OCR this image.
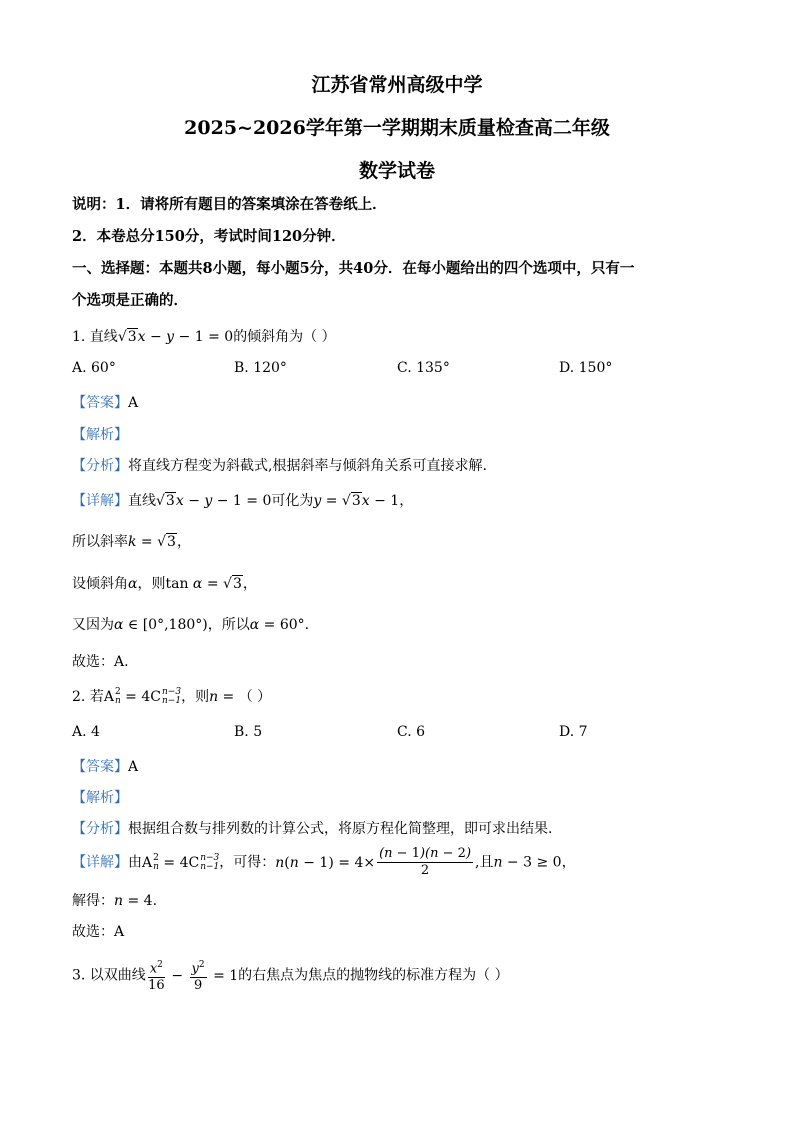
江苏省常州高级中学
2025~2026学年第一学期期末质量检查高二年级
数学试卷
说明：1．请将所有题目的答案填涂在答卷纸上．
2．本卷总分150分，考试时间120分钟．
一、选择题：本题共8小题，每小题5分，共40分．在每小题给出的四个选项中，只有一
个选项是正确的．
1. 直线√3x − y − 1 = 0的倾斜角为（ ）
A. 60°	B. 120°	C. 135°	D. 150°
【答案】A
【解析】
【分析】将直线方程变为斜截式,根据斜率与倾斜角关系可直接求解.
【详解】直线√3x − y − 1 = 0可化为y = √3x − 1，
所以斜率k = √3，
设倾斜角α，则tan α = √3，
又因为α ∈ [0°,180°)，所以α = 60°.
故选：A.
2. 若A 2
n = 4C n−3
n−1 ，则n = （ ）
A. 4	B. 5	C. 6	D. 7
【答案】A
【解析】
【分析】根据组合数与排列数的计算公式，将原方程化简整理，即可求出结果.
【详解】由A 2
n = 4C n−3
n−1 ，可得：$n(n - 1) = 4\times \frac{(n - 1)(n - 2)}{2}$ ,且n − 3 ≥ 0，
解得：n = 4.
故选：A
3. 以双曲线 $\frac{x^2}{16} - \frac{y^2}{9} = 1$的右焦点为焦点的抛物线的标准方程为（ ）
